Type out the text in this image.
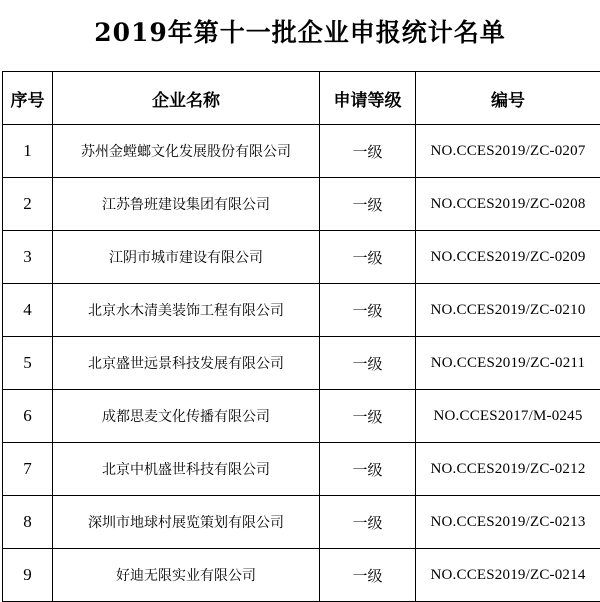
2019年第十一批企业申报统计名单
序号	企业名称	申请等级	编号
1	苏州金螳螂文化发展股份有限公司	一级	NO.CCES2019/ZC-0207
2	江苏鲁班建设集团有限公司	一级	NO.CCES2019/ZC-0208
3	江阴市城市建设有限公司	一级	NO.CCES2019/ZC-0209
4	北京水木清美装饰工程有限公司	一级	NO.CCES2019/ZC-0210
5	北京盛世远景科技发展有限公司	一级	NO.CCES2019/ZC-0211
6	成都思麦文化传播有限公司	一级	NO.CCES2017/M-0245
7	北京中机盛世科技有限公司	一级	NO.CCES2019/ZC-0212
8	深圳市地球村展览策划有限公司	一级	NO.CCES2019/ZC-0213
9	好迪无限实业有限公司	一级	NO.CCES2019/ZC-0214
